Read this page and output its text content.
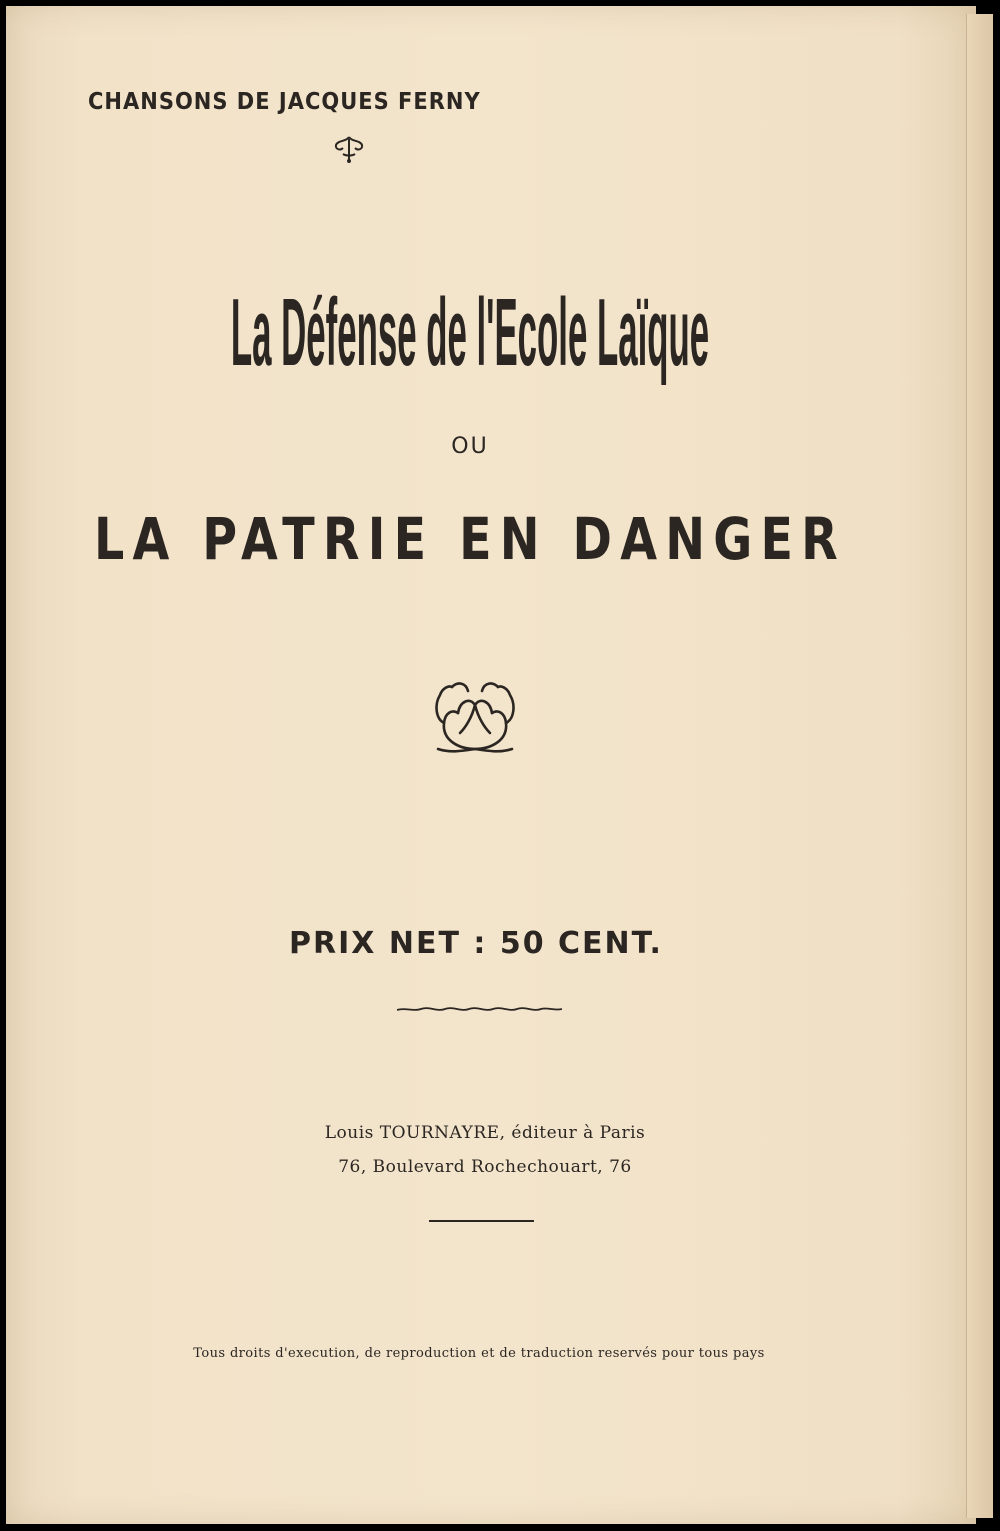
CHANSONS DE JACQUES FERNY
La Défense de l'Ecole Laïque
OU
LA PATRIE EN DANGER
PRIX NET : 50 CENT.
Louis TOURNAYRE, éditeur à Paris
76, Boulevard Rochechouart, 76
Tous droits d'execution, de reproduction et de traduction reservés pour tous pays
